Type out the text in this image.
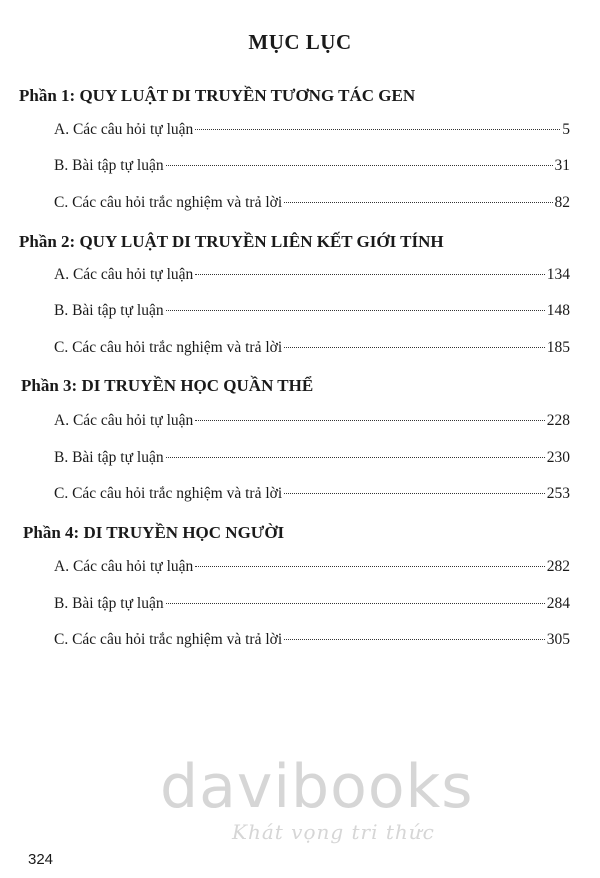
MỤC LỤC
Phần 1: QUY LUẬT DI TRUYỀN TƯƠNG TÁC GEN
A. Các câu hỏi tự luận	5
B. Bài tập tự luận	31
C. Các câu hỏi trắc nghiệm và trả lời	82
Phần 2: QUY LUẬT DI TRUYỀN LIÊN KẾT GIỚI TÍNH
A. Các câu hỏi tự luận	134
B. Bài tập tự luận	148
C. Các câu hỏi trắc nghiệm và trả lời	185
Phần 3: DI TRUYỀN HỌC QUẦN THỂ
A. Các câu hỏi tự luận	228
B. Bài tập tự luận	230
C. Các câu hỏi trắc nghiệm và trả lời	253
Phần 4: DI TRUYỀN HỌC NGƯỜI
A. Các câu hỏi tự luận	282
B. Bài tập tự luận	284
C. Các câu hỏi trắc nghiệm và trả lời	305
davibooks
Khát vọng tri thức
324
